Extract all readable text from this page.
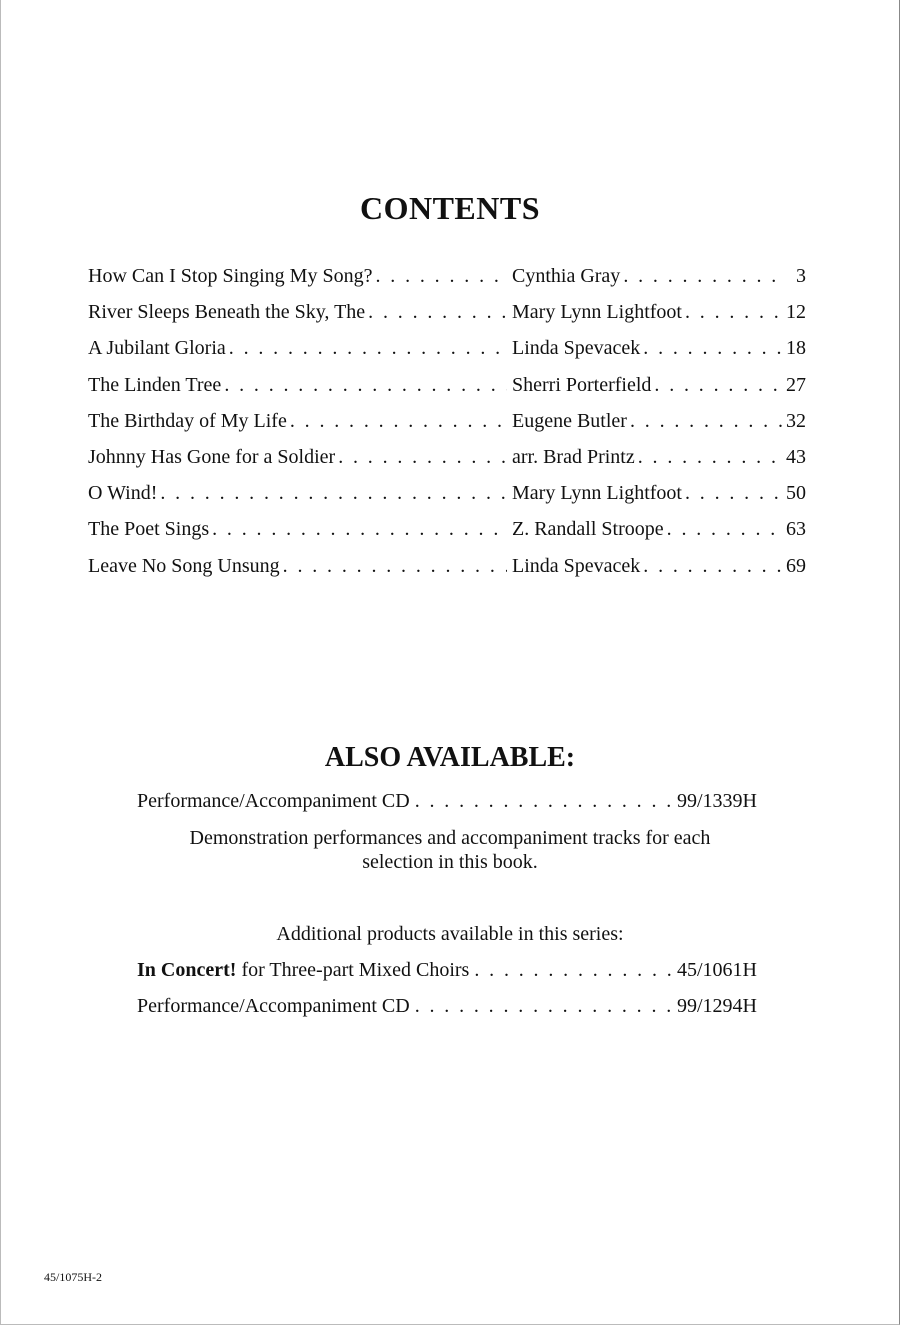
CONTENTS
How Can I Stop Singing My Song? . . .	Cynthia Gray . . .	3
River Sleeps Beneath the Sky, The . . .	Mary Lynn Lightfoot . . .	12
A Jubilant Gloria . . .	Linda Spevacek . . .	18
The Linden Tree . . .	Sherri Porterfield . . .	27
The Birthday of My Life . . .	Eugene Butler . . .	32
Johnny Has Gone for a Soldier . . .	arr. Brad Printz . . .	43
O Wind! . . .	Mary Lynn Lightfoot . . .	50
The Poet Sings . . .	Z. Randall Stroope . . .	63
Leave No Song Unsung . . .	Linda Spevacek . . .	69
ALSO AVAILABLE:
Performance/Accompaniment CD . . .	99/1339H
Demonstration performances and accompaniment tracks for each
selection in this book.
Additional products available in this series:
In Concert! for Three-part Mixed Choirs . . .	45/1061H
Performance/Accompaniment CD . . .	99/1294H
45/1075H-2
